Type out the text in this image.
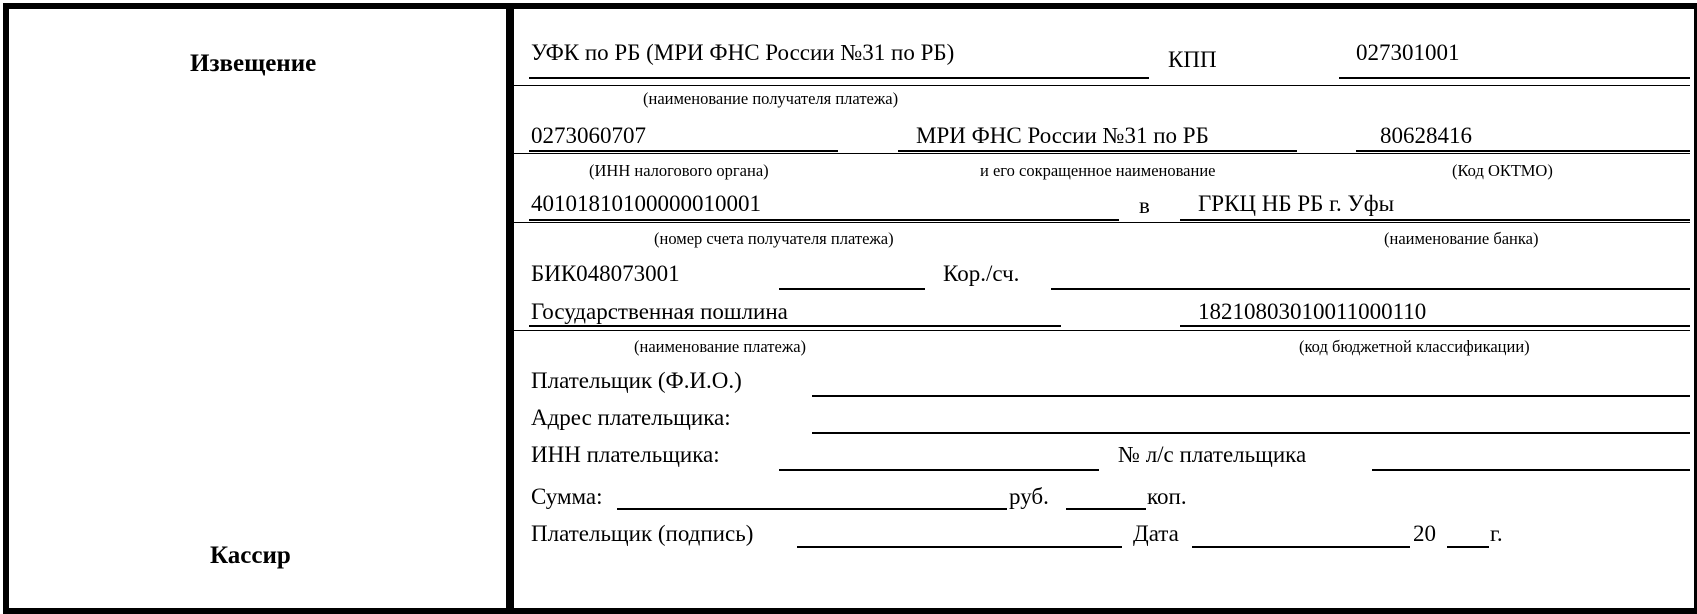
Извещение
Кассир
УФК по РБ (МРИ ФНС России №31 по РБ)	КПП	027301001
(наименование получателя платежа)
0273060707	МРИ ФНС России №31 по РБ	80628416
(ИНН налогового органа)	и его сокращенное наименование	(Код ОКТМО)
40101810100000010001	в ГРКЦ НБ РБ г. Уфы
(номер счета получателя платежа)	(наименование банка)
БИК048073001	Кор./сч.
Государственная пошлина	18210803010011000110
(наименование платежа)	(код бюджетной классификации)
Плательщик (Ф.И.О.)
Адрес плательщика:
ИНН плательщика:	№ л/с плательщика
Сумма:	руб.	коп.
Плательщик (подпись)	Дата	20 г.
